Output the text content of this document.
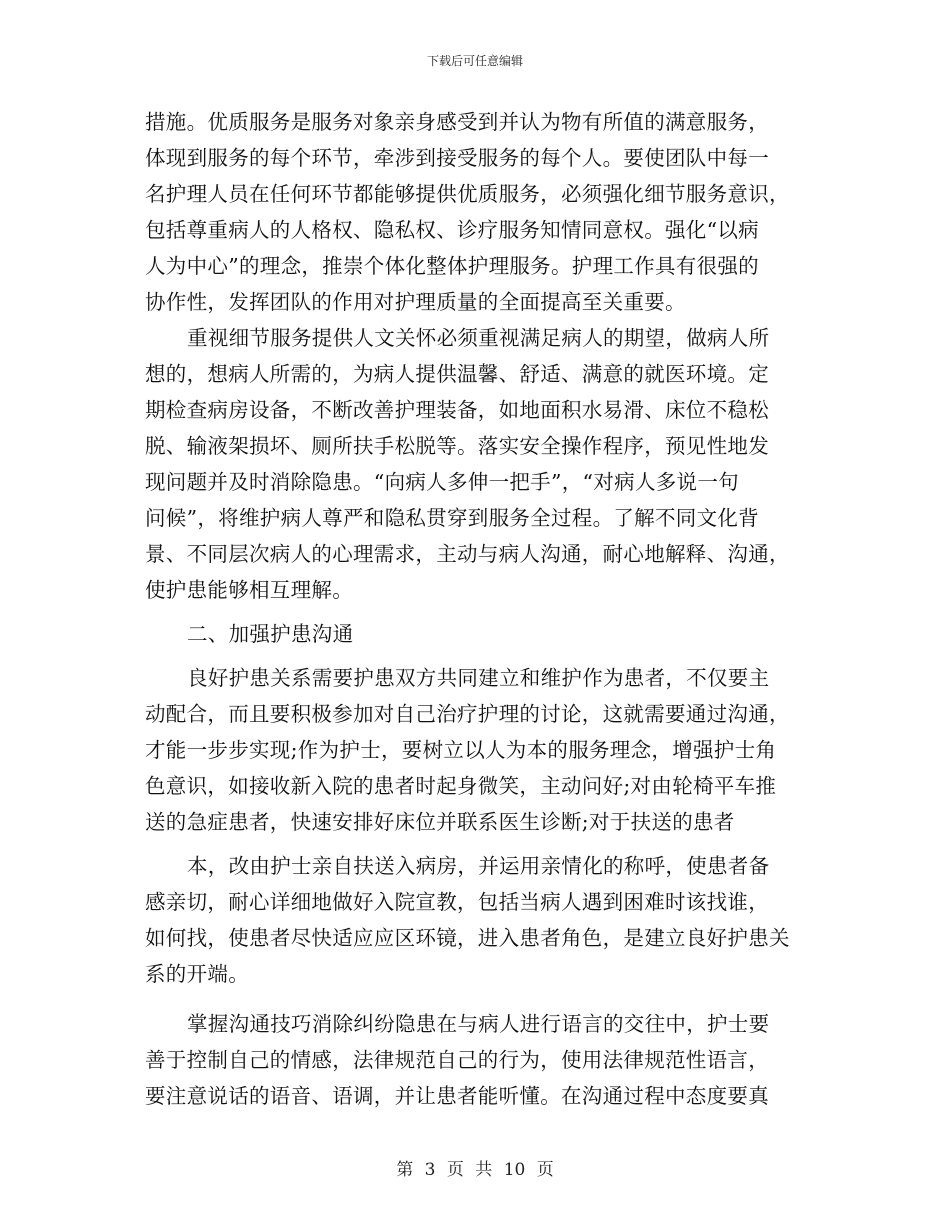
下载后可任意编辑
措施。优质服务是服务对象亲身感受到并认为物有所值的满意服务，
体现到服务的每个环节，牵涉到接受服务的每个人。要使团队中每一
名护理人员在任何环节都能够提供优质服务，必须强化细节服务意识，
包括尊重病人的人格权、隐私权、诊疗服务知情同意权。强化“以病
人为中心”的理念，推崇个体化整体护理服务。护理工作具有很强的
协作性，发挥团队的作用对护理质量的全面提高至关重要。
重视细节服务提供人文关怀必须重视满足病人的期望，做病人所
想的，想病人所需的，为病人提供温馨、舒适、满意的就医环境。定
期检查病房设备，不断改善护理装备，如地面积水易滑、床位不稳松
脱、输液架损坏、厕所扶手松脱等。落实安全操作程序，预见性地发
现问题并及时消除隐患。“向病人多伸一把手”，“对病人多说一句
问候”，将维护病人尊严和隐私贯穿到服务全过程。了解不同文化背
景、不同层次病人的心理需求，主动与病人沟通，耐心地解释、沟通，
使护患能够相互理解。
二、加强护患沟通
良好护患关系需要护患双方共同建立和维护作为患者，不仅要主
动配合，而且要积极参加对自己治疗护理的讨论，这就需要通过沟通，
才能一步步实现;作为护士，要树立以人为本的服务理念，增强护士角
色意识，如接收新入院的患者时起身微笑，主动问好;对由轮椅平车推
送的急症患者，快速安排好床位并联系医生诊断;对于扶送的患者
本，改由护士亲自扶送入病房，并运用亲情化的称呼，使患者备
感亲切，耐心详细地做好入院宣教，包括当病人遇到困难时该找谁，
如何找，使患者尽快适应应区环镜，进入患者角色，是建立良好护患关
系的开端。
掌握沟通技巧消除纠纷隐患在与病人进行语言的交往中，护士要
善于控制自己的情感，法律规范自己的行为，使用法律规范性语言，
要注意说话的语音、语调，并让患者能听懂。在沟通过程中态度要真
第 3 页 共 10 页
